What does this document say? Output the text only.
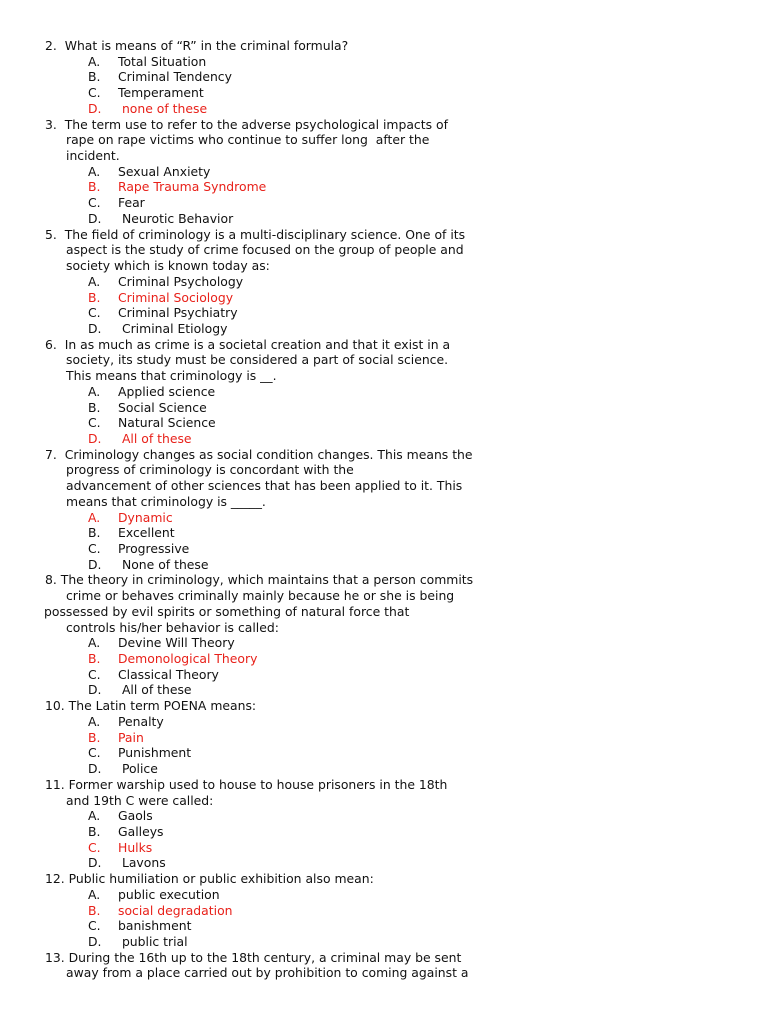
2.  What is means of “R” in the criminal formula?
A. Total Situation
B. Criminal Tendency
C. Temperament
D. none of these
3.  The term use to refer to the adverse psychological impacts of
rape on rape victims who continue to suffer long  after the
incident.
A. Sexual Anxiety
B. Rape Trauma Syndrome
C. Fear
D. Neurotic Behavior
5.  The field of criminology is a multi-disciplinary science. One of its
aspect is the study of crime focused on the group of people and
society which is known today as:
A. Criminal Psychology
B. Criminal Sociology
C. Criminal Psychiatry
D. Criminal Etiology
6.  In as much as crime is a societal creation and that it exist in a
society, its study must be considered a part of social science.
This means that criminology is __.
A. Applied science
B. Social Science
C. Natural Science
D. All of these
7.  Criminology changes as social condition changes. This means the
progress of criminology is concordant with the
advancement of other sciences that has been applied to it. This
means that criminology is _____.
A. Dynamic
B. Excellent
C. Progressive
D. None of these
8. The theory in criminology, which maintains that a person commits
crime or behaves criminally mainly because he or she is being
possessed by evil spirits or something of natural force that
controls his/her behavior is called:
A. Devine Will Theory
B. Demonological Theory
C. Classical Theory
D. All of these
10. The Latin term POENA means:
A. Penalty
B. Pain
C. Punishment
D. Police
11. Former warship used to house to house prisoners in the 18th
and 19th C were called:
A. Gaols
B. Galleys
C. Hulks
D. Lavons
12. Public humiliation or public exhibition also mean:
A. public execution
B. social degradation
C. banishment
D. public trial
13. During the 16th up to the 18th century, a criminal may be sent
away from a place carried out by prohibition to coming against a
